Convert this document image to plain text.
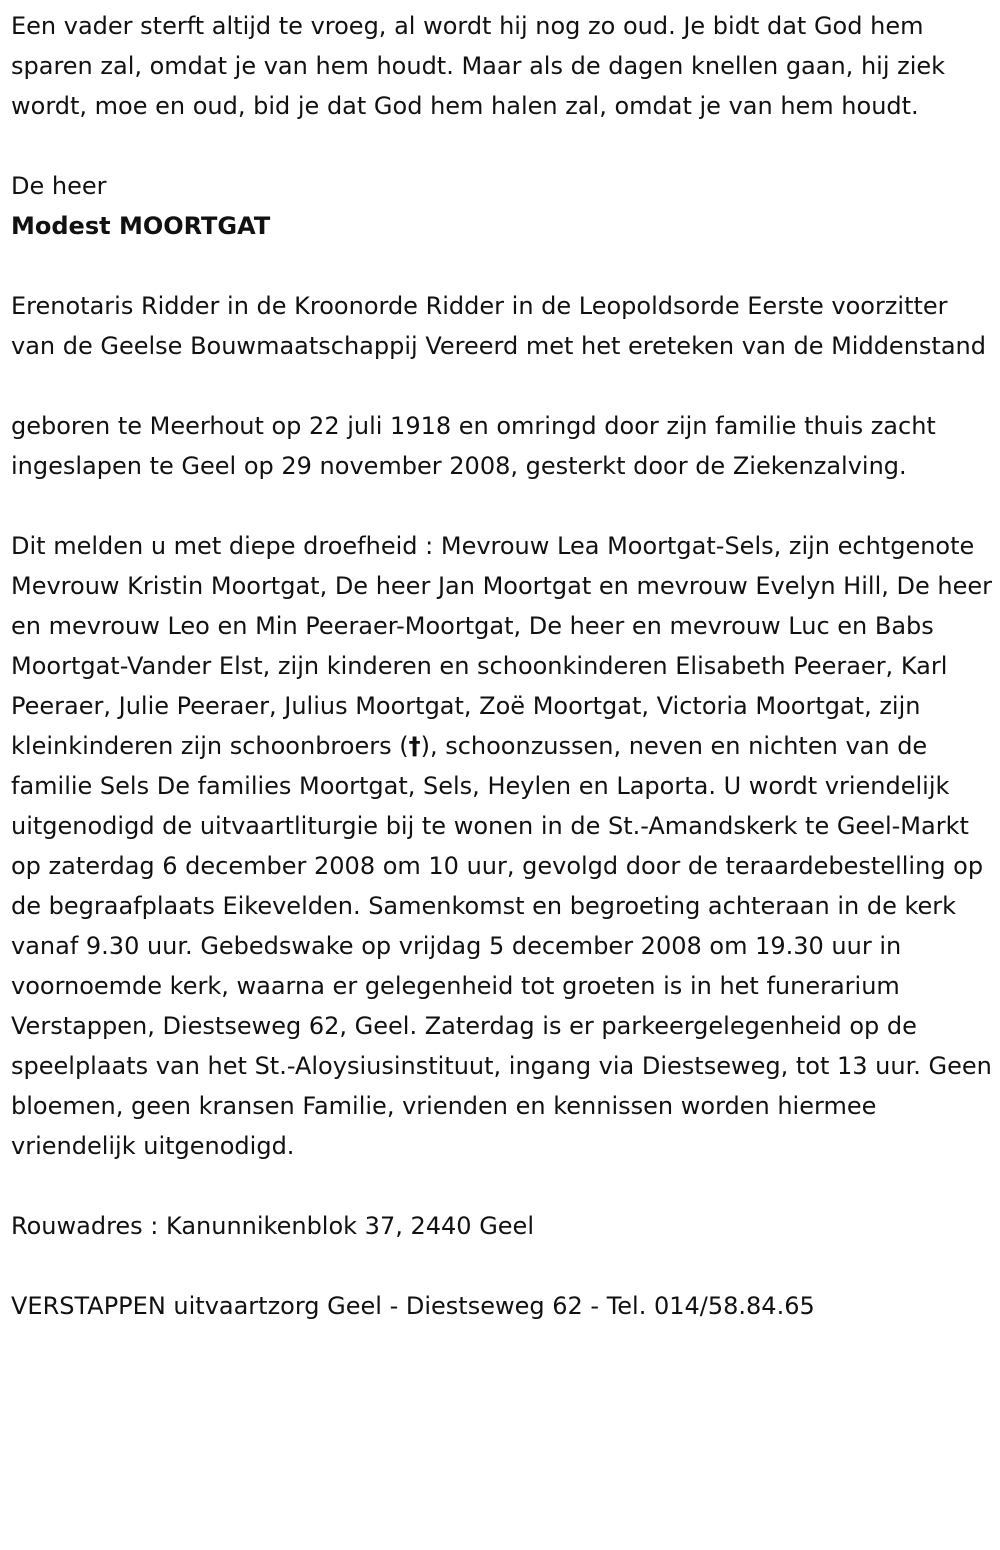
Een vader sterft altijd te vroeg, al wordt hij nog zo oud. Je bidt dat God hem sparen zal, omdat je van hem houdt. Maar als de dagen knellen gaan, hij ziek wordt, moe en oud, bid je dat God hem halen zal, omdat je van hem houdt.

De heer

Modest MOORTGAT

Erenotaris Ridder in de Kroonorde Ridder in de Leopoldsorde Eerste voorzitter van de Geelse Bouwmaatschappij Vereerd met het ereteken van de Middenstand

geboren te Meerhout op 22 juli 1918 en omringd door zijn familie thuis zacht ingeslapen te Geel op 29 november 2008, gesterkt door de Ziekenzalving.

Dit melden u met diepe droefheid : Mevrouw Lea Moortgat-Sels, zijn echtgenote Mevrouw Kristin Moortgat, De heer Jan Moortgat en mevrouw Evelyn Hill, De heer en mevrouw Leo en Min Peeraer-Moortgat, De heer en mevrouw Luc en Babs Moortgat-Vander Elst, zijn kinderen en schoonkinderen Elisabeth Peeraer, Karl Peeraer, Julie Peeraer, Julius Moortgat, Zoë Moortgat, Victoria Moortgat, zijn kleinkinderen zijn schoonbroers (†), schoonzussen, neven en nichten van de familie Sels De families Moortgat, Sels, Heylen en Laporta. U wordt vriendelijk uitgenodigd de uitvaartliturgie bij te wonen in de St.-Amandskerk te Geel-Markt op zaterdag 6 december 2008 om 10 uur, gevolgd door de teraardebestelling op de begraafplaats Eikevelden. Samenkomst en begroeting achteraan in de kerk vanaf 9.30 uur. Gebedswake op vrijdag 5 december 2008 om 19.30 uur in voornoemde kerk, waarna er gelegenheid tot groeten is in het funerarium Verstappen, Diestseweg 62, Geel. Zaterdag is er parkeergelegenheid op de speelplaats van het St.-Aloysiusinstituut, ingang via Diestseweg, tot 13 uur. Geen bloemen, geen kransen Familie, vrienden en kennissen worden hiermee vriendelijk uitgenodigd.

Rouwadres : Kanunnikenblok 37, 2440 Geel

VERSTAPPEN uitvaartzorg Geel - Diestseweg 62 - Tel. 014/58.84.65
